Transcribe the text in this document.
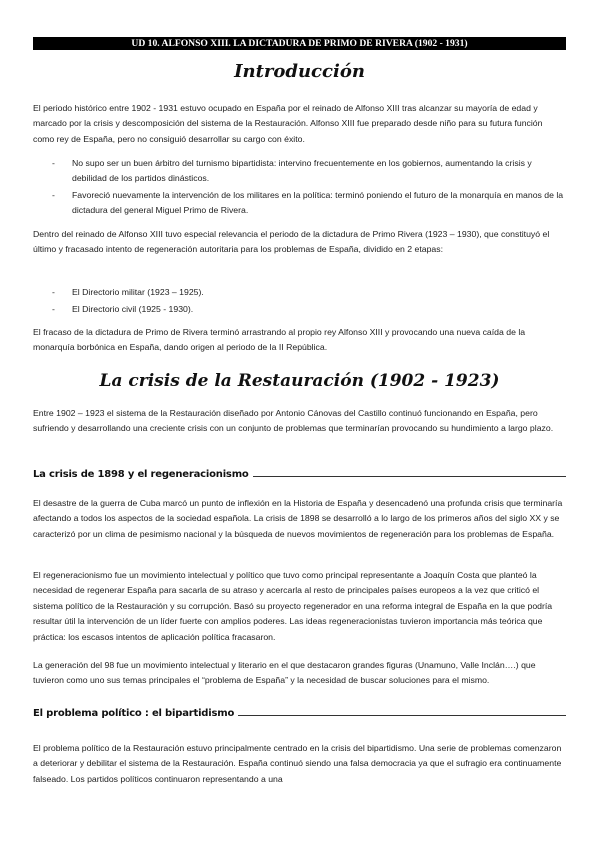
UD 10. ALFONSO XIII. LA DICTADURA DE PRIMO DE RIVERA (1902 - 1931)
Introducción

El periodo histórico entre 1902 - 1931 estuvo ocupado en España por el reinado de Alfonso XIII tras alcanzar su mayoría de edad y marcado por la crisis y descomposición del sistema de la Restauración. Alfonso XIII fue preparado desde niño para su futura función como rey de España, pero no consiguió desarrollar su cargo con éxito.

- No supo ser un buen árbitro del turnismo bipartidista: intervino frecuentemente en los gobiernos, aumentando la crisis y debilidad de los partidos dinásticos.
- Favoreció nuevamente la intervención de los militares en la política: terminó poniendo el futuro de la monarquía en manos de la dictadura del general Miguel Primo de Rivera.

Dentro del reinado de Alfonso XIII tuvo especial relevancia el periodo de la dictadura de Primo Rivera (1923 – 1930), que constituyó el último y fracasado intento de regeneración autoritaria para los problemas de España, dividido en 2 etapas:

- El Directorio militar (1923 – 1925).
- El Directorio civil (1925 - 1930).

El fracaso de la dictadura de Primo de Rivera terminó arrastrando al propio rey Alfonso XIII y provocando una nueva caída de la monarquía borbónica en España, dando origen al periodo de la II República.

La crisis de la Restauración (1902 - 1923)

Entre 1902 – 1923 el sistema de la Restauración diseñado por Antonio Cánovas del Castillo continuó funcionando en España, pero sufriendo y desarrollando una creciente crisis con un conjunto de problemas que terminarían provocando su hundimiento a largo plazo.

La crisis de 1898 y el regeneracionismo

El desastre de la guerra de Cuba marcó un punto de inflexión en la Historia de España y desencadenó una profunda crisis que terminaría afectando a todos los aspectos de la sociedad española. La crisis de 1898 se desarrolló a lo largo de los primeros años del siglo XX y se caracterizó por un clima de pesimismo nacional y la búsqueda de nuevos movimientos de regeneración para los problemas de España.

El regeneracionismo fue un movimiento intelectual y político que tuvo como principal representante a Joaquín Costa que planteó la necesidad de regenerar España para sacarla de su atraso y acercarla al resto de principales países europeos a la vez que criticó el sistema político de la Restauración y su corrupción. Basó su proyecto regenerador en una reforma integral de España en la que podría resultar útil la intervención de un líder fuerte con amplios poderes. Las ideas regeneracionistas tuvieron importancia más teórica que práctica: los escasos intentos de aplicación política fracasaron.

La generación del 98 fue un movimiento intelectual y literario en el que destacaron grandes figuras (Unamuno, Valle Inclán….) que tuvieron como uno sus temas principales el “problema de España” y la necesidad de buscar soluciones para el mismo.

El problema político : el bipartidismo

El problema político de la Restauración estuvo principalmente centrado en la crisis del bipartidismo. Una serie de problemas comenzaron a deteriorar y debilitar el sistema de la Restauración. España continuó siendo una falsa democracia ya que el sufragio era continuamente falseado. Los partidos políticos continuaron representando a una
